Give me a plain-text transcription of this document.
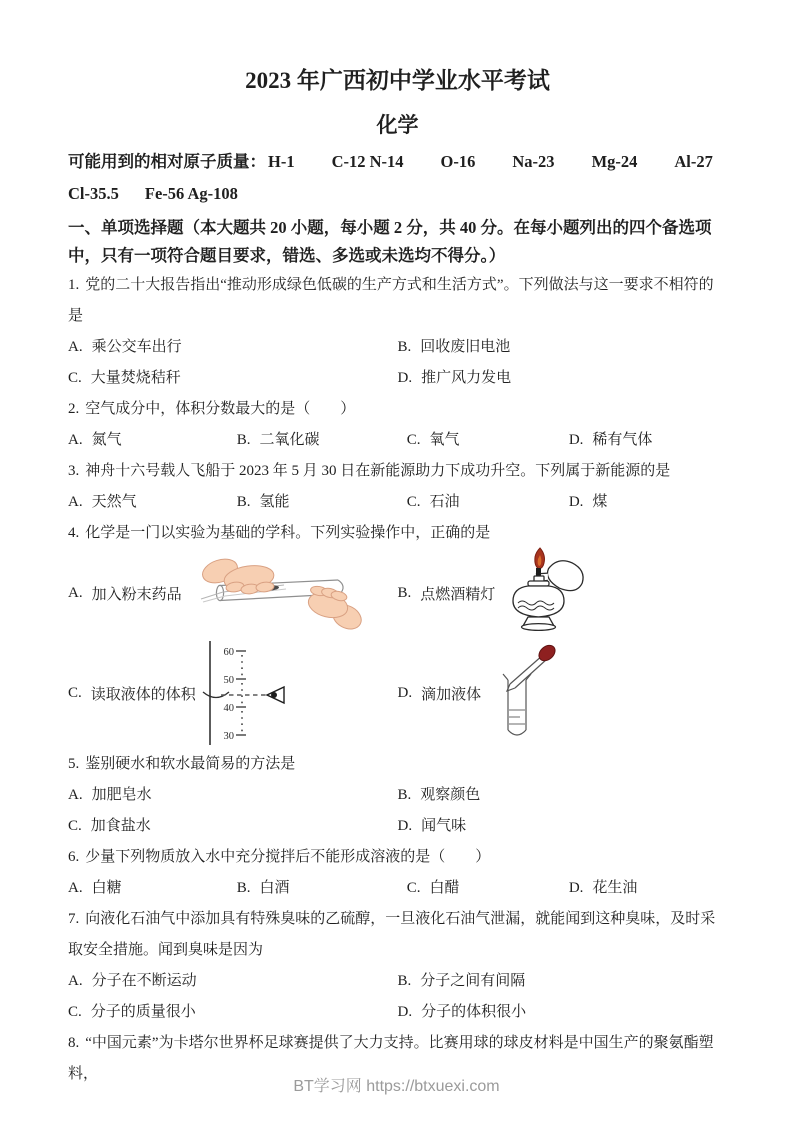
2023 年广西初中学业水平考试
化学
可能用到的相对原子质量： H-1 C-12 N-14 O-16 Na-23 Mg-24 Al-27
Cl-35.5 Fe-56 Ag-108
一、单项选择题（本大题共 20 小题，每小题 2 分，共 40 分。在每小题列出的四个备选项中，只有一项符合题目要求，错选、多选或未选均不得分。）
1. 党的二十大报告指出“推动形成绿色低碳的生产方式和生活方式”。下列做法与这一要求不相符的是
A. 乘公交车出行	B. 回收废旧电池
C. 大量焚烧秸秆	D. 推广风力发电
2. 空气成分中，体积分数最大的是（　　）
A. 氮气	B. 二氧化碳	C. 氧气	D. 稀有气体
3. 神舟十六号载人飞船于 2023 年 5 月 30 日在新能源助力下成功升空。下列属于新能源的是
A. 天然气	B. 氢能	C. 石油	D. 煤
4. 化学是一门以实验为基础的学科。下列实验操作中，正确的是
A. 加入粉末药品	B. 点燃酒精灯
C. 读取液体的体积
60
50
40
30
D. 滴加液体
5. 鉴别硬水和软水最简易的方法是
A. 加肥皂水	B. 观察颜色
C. 加食盐水	D. 闻气味
6. 少量下列物质放入水中充分搅拌后不能形成溶液的是（　　）
A. 白糖	B. 白酒	C. 白醋	D. 花生油
7. 向液化石油气中添加具有特殊臭味的乙硫醇，一旦液化石油气泄漏，就能闻到这种臭味，及时采取安全措施。闻到臭味是因为
A. 分子在不断运动	B. 分子之间有间隔
C. 分子的质量很小	D. 分子的体积很小
8. “中国元素”为卡塔尔世界杯足球赛提供了大力支持。比赛用球的球皮材料是中国生产的聚氨酯塑料，
BT学习网 https://btxuexi.com
